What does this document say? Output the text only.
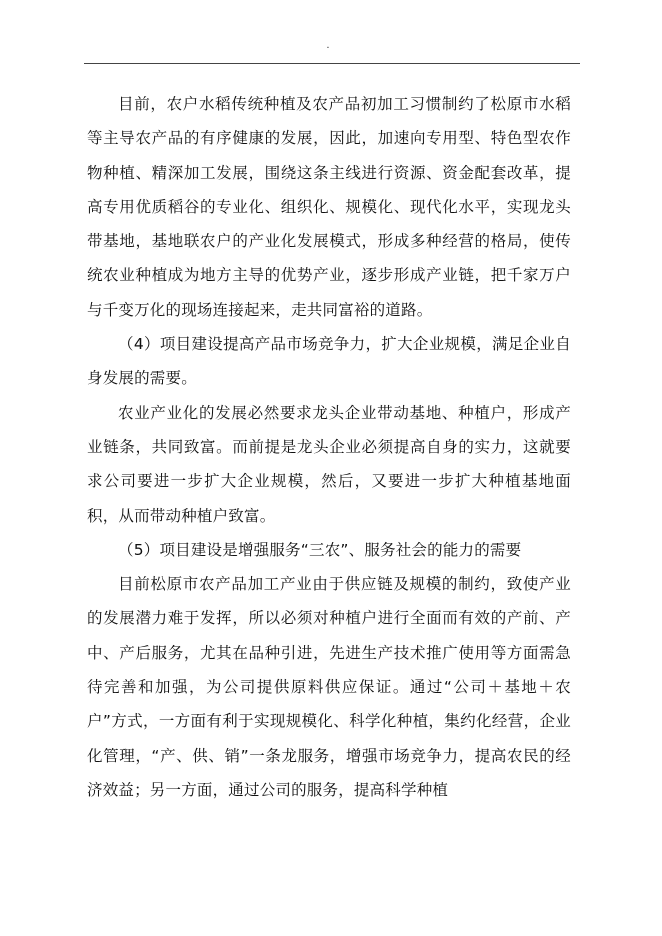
.

目前，农户水稻传统种植及农产品初加工习惯制约了松原市水稻等主导农产品的有序健康的发展，因此，加速向专用型、特色型农作物种植、精深加工发展，围绕这条主线进行资源、资金配套改革，提高专用优质稻谷的专业化、组织化、规模化、现代化水平，实现龙头带基地，基地联农户的产业化发展模式，形成多种经营的格局，使传统农业种植成为地方主导的优势产业，逐步形成产业链，把千家万户与千变万化的现场连接起来，走共同富裕的道路。

（4）项目建设提高产品市场竞争力，扩大企业规模，满足企业自身发展的需要。

农业产业化的发展必然要求龙头企业带动基地、种植户，形成产业链条，共同致富。而前提是龙头企业必须提高自身的实力，这就要求公司要进一步扩大企业规模，然后，又要进一步扩大种植基地面积，从而带动种植户致富。

（5）项目建设是增强服务“三农”、服务社会的能力的需要

目前松原市农产品加工产业由于供应链及规模的制约，致使产业的发展潜力难于发挥，所以必须对种植户进行全面而有效的产前、产中、产后服务，尤其在品种引进，先进生产技术推广使用等方面需急待完善和加强，为公司提供原料供应保证。通过“公司＋基地＋农户”方式，一方面有利于实现规模化、科学化种植，集约化经营，企业化管理，“产、供、销”一条龙服务，增强市场竞争力，提高农民的经济效益；另一方面，通过公司的服务，提高科学种植
